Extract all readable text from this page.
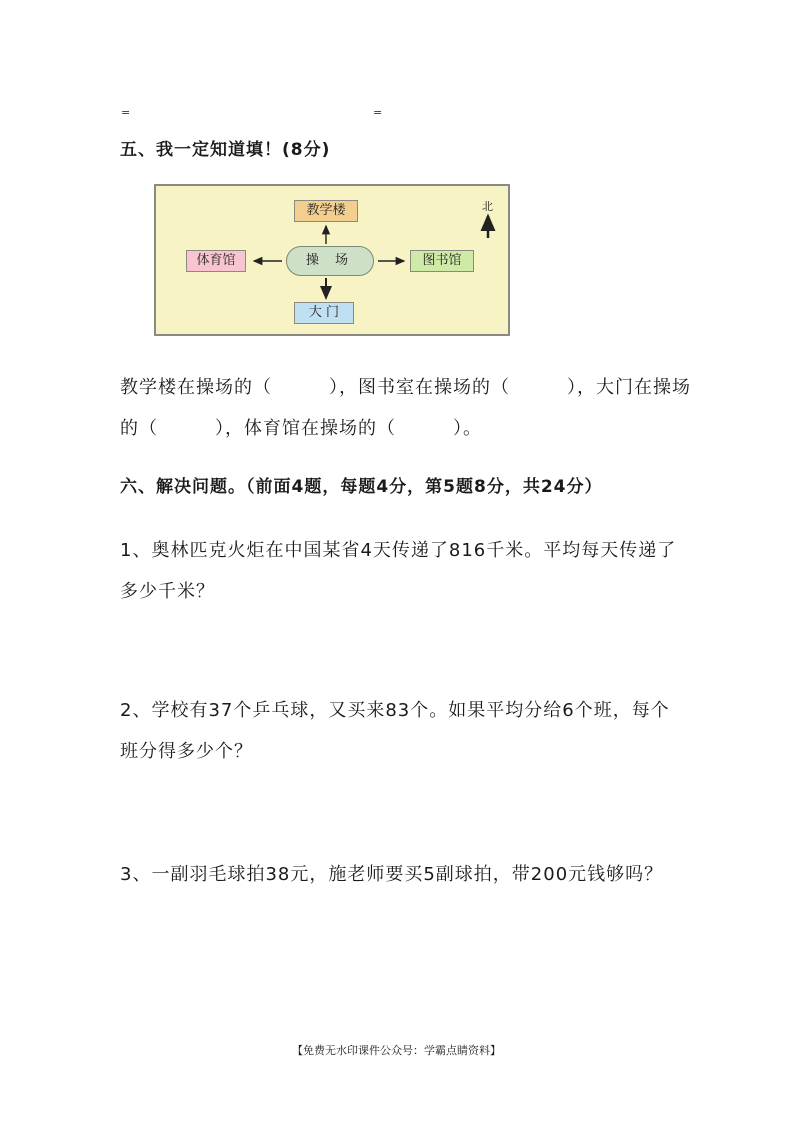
=	=
五、我一定知道填！(8分)
教学楼
体育馆	操 场	图书馆
大 门
北
教学楼在操场的（　　　），图书室在操场的（　　　），大门在操场
的（　　　），体育馆在操场的（　　　）。
六、解决问题。（前面4题，每题4分，第5题8分，共24分）
1、奥林匹克火炬在中国某省4天传递了816千米。平均每天传递了
多少千米？
2、学校有37个乒乓球，又买来83个。如果平均分给6个班，每个
班分得多少个？
3、一副羽毛球拍38元，施老师要买5副球拍，带200元钱够吗？
【免费无水印课件公众号：学霸点睛资料】
